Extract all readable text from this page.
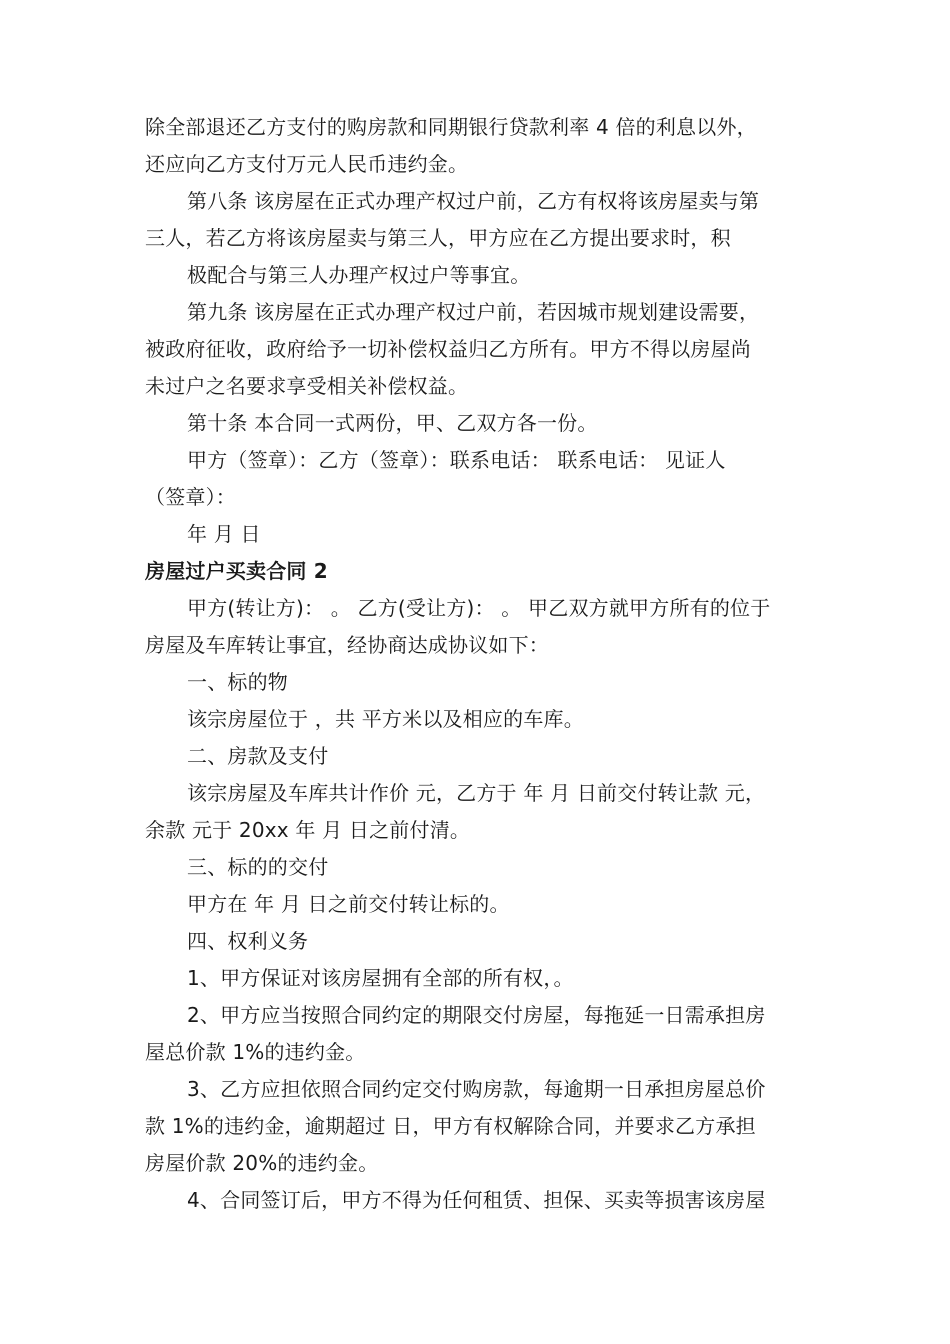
除全部退还乙方支付的购房款和同期银行贷款利率 4 倍的利息以外，
还应向乙方支付万元人民币违约金。
第八条 该房屋在正式办理产权过户前，乙方有权将该房屋卖与第
三人，若乙方将该房屋卖与第三人，甲方应在乙方提出要求时，积
极配合与第三人办理产权过户等事宜。
第九条 该房屋在正式办理产权过户前，若因城市规划建设需要，
被政府征收，政府给予一切补偿权益归乙方所有。甲方不得以房屋尚
未过户之名要求享受相关补偿权益。
第十条 本合同一式两份，甲、乙双方各一份。
甲方（签章）：乙方（签章）：联系电话： 联系电话： 见证人
（签章）：
年 月 日
房屋过户买卖合同 2
甲方(转让方)： 。 乙方(受让方)： 。 甲乙双方就甲方所有的位于
房屋及车库转让事宜，经协商达成协议如下：
一、标的物
该宗房屋位于 ，共 平方米以及相应的车库。
二、房款及支付
该宗房屋及车库共计作价 元，乙方于 年 月 日前交付转让款 元，
余款 元于 20xx 年 月 日之前付清。
三、标的的交付
甲方在 年 月 日之前交付转让标的。
四、权利义务
1、甲方保证对该房屋拥有全部的所有权，。
2、甲方应当按照合同约定的期限交付房屋，每拖延一日需承担房
屋总价款 1%的违约金。
3、乙方应担依照合同约定交付购房款，每逾期一日承担房屋总价
款 1%的违约金，逾期超过 日，甲方有权解除合同，并要求乙方承担
房屋价款 20%的违约金。
4、合同签订后，甲方不得为任何租赁、担保、买卖等损害该房屋
